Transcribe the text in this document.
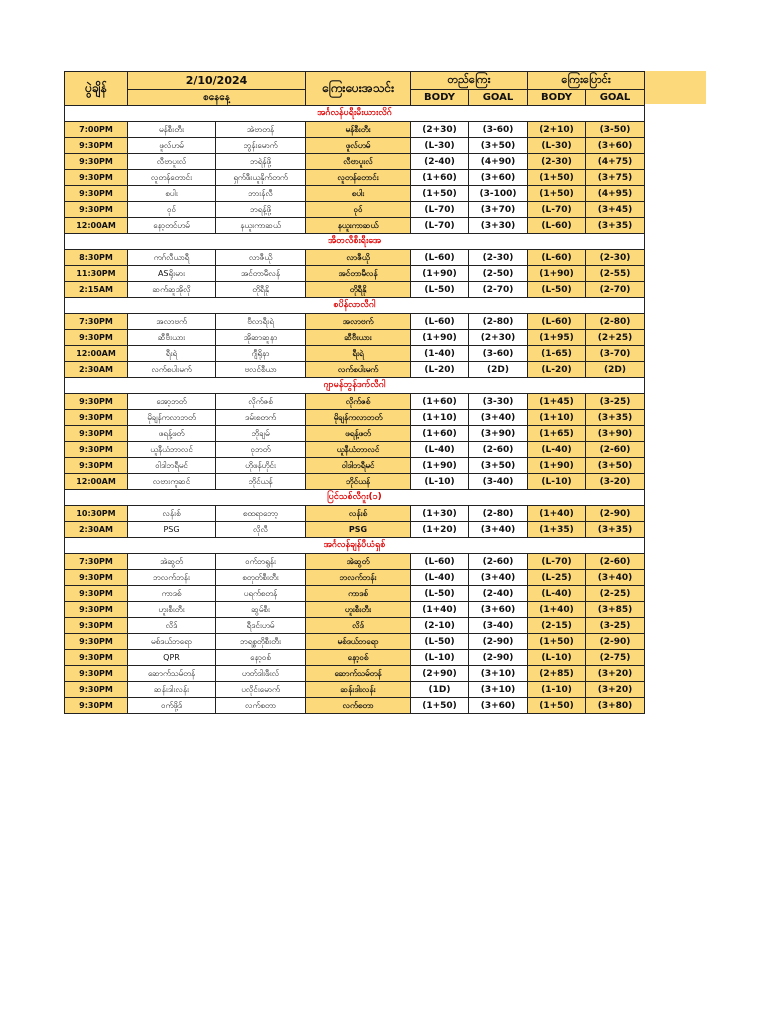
ပွဲချိန်	2/10/2024		ကြေးပေးအသင်း	တည်ကြေး		ကြေးပြောင်း	
	စနေနေ့			BODY	GOAL	BODY	GOAL
အင်္ဂလန်ပရီးမီးယားလိဂ်							
7:00PM	မန်စီးတီး	အဲဗာတန်	မန်စီးတီး	(2+30)	(3-60)	(2+10)	(3-50)
9:30PM	ဖူလ်ဟမ်	ဘွန်းမောက်	ဖူလ်ဟမ်	(L-30)	(3+50)	(L-30)	(3+60)
9:30PM	လီဗာပူးလ်	ဘရဲန်ဖို့	လီဗာပူးလ်	(2-40)	(4+90)	(2-30)	(4+75)
9:30PM	လူတန်တောင်း	ရှက်ဖီးယူနိုက်တက်	လူတန်တောင်း	(1+60)	(3+60)	(1+50)	(3+75)
9:30PM	စပါး	ဘားန်လီ	စပါး	(1+50)	(3-100)	(1+50)	(4+95)
9:30PM	ဝုဝ်	ဘရန့်ဖို့	ဝုဝ်	(L-70)	(3+70)	(L-70)	(3+45)
12:00AM	နော့တင်ဟမ်	နယူးကာဆယ်	နယူးကာဆယ်	(L-70)	(3+30)	(L-60)	(3+35)
အီတလီစီးရီးအေ							
8:30PM	ကဂ်လီယာရီ	လာဇီယို	လာဇီယို	(L-60)	(2-30)	(L-60)	(2-30)
11:30PM	ASရိုးမား	အင်တာမီလန်	အင်တာမီလန်	(1+90)	(2-50)	(1+90)	(2-55)
2:15AM	ဆက်ဆူအိုလို	တိုရီနို	တိုရီနို	(L-50)	(2-70)	(L-50)	(2-70)
စပိန်လာလီဂါ							
7:30PM	အလာဗက်	ဗီလာရီးရဲ	အလာဗက်	(L-60)	(2-80)	(L-60)	(2-80)
9:30PM	ဆီဗီးယား	အိုဆာဆူနာ	ဆီဗီးယား	(1+90)	(2+30)	(1+95)	(2+25)
12:00AM	ရီးရဲ	ဂျီရိုနာ	ရီးရဲ	(1-40)	(3-60)	(1-65)	(3-70)
2:30AM	လက်စပါးမက်	ဗလင်စီယာ	လက်စပါးမက်	(L-20)	(2D)	(L-20)	(2D)
ဂျာမန်ဘွန်ဒက်လီဂါ							
9:30PM	အော့ဘတ်	လိုက်ဇစ်	လိုက်ဇစ်	(1+60)	(3-30)	(1+45)	(3-25)
9:30PM	မိုချန်ကလာဘတ်	ဒမ်းစတက်	မိုချန်ကလာဘတ်	(1+10)	(3+40)	(1+10)	(3+35)
9:30PM	ဖရန့်ဖတ်	ဘိုချမ်	ဖရန့်ဖတ်	(1+60)	(3+90)	(1+65)	(3+90)
9:30PM	ယူနီယံဘာလင်	ဝုဘတ်	ယူနီယံဘာလင်	(L-40)	(2-60)	(L-40)	(2-60)
9:30PM	ဝါဒါဘရီမင်	ဟိုဖန်ဟိုင်း	ဝါဒါဘရီမင်	(1+90)	(3+50)	(1+90)	(3+50)
12:00AM	လဗားကူဆင်	ဘိုင်ယန်	ဘိုင်ယန်	(L-10)	(3-40)	(L-10)	(3-20)
ပြင်သစ်လီဂူး(၁)							
10:30PM	လန်းစ်	စထရာဘော့	လန်းစ်	(1+30)	(2-80)	(1+40)	(2-90)
2:30AM	PSG	လိုလီ	PSG	(1+20)	(3+40)	(1+35)	(3+35)
အင်္ဂလန်ချန်ပီယံရှစ်							
7:30PM	အဲဆွတ်	ဝက်ဘရွန်း	အဲဆွတ်	(L-60)	(2-60)	(L-70)	(2-60)
9:30PM	ဘလက်ဘန်း	စတုတ်စီးတီး	ဘလက်ဘန်း	(L-40)	(3+40)	(L-25)	(3+40)
9:30PM	ကာဒစ်	ပရက်စတန်	ကာဒစ်	(L-50)	(2-40)	(L-40)	(2-25)
9:30PM	ဟူးစီးတီး	ဆွမ်စီး	ဟူးစီးတီး	(1+40)	(3+60)	(1+40)	(3+85)
9:30PM	လိဒ်	ရီဒင်းဟမ်	လိဒ်	(2-10)	(3-40)	(2-15)	(3-25)
9:30PM	မစ်ဒယ်ဘရော	ဘရစ္စတိုစီးတီး	မစ်ဒယ်ဘရော	(L-50)	(2-90)	(1+50)	(2-90)
9:30PM	QPR	နော့ဝစ်	နော့ဝစ်	(L-10)	(2-90)	(L-10)	(2-75)
9:30PM	ဆောက်သမ်တန်	ဟတ်ဒါးဖီးလ်	ဆောက်သမ်တန်	(2+90)	(3+10)	(2+85)	(3+20)
9:30PM	ဆန်းဒါးလန်း	ပလိုင်းမောက်	ဆန်းဒါးလန်း	(1D)	(3+10)	(1-10)	(3+20)
9:30PM	ဝက်ဖို့ဒ်	လက်စတာ	လက်စတာ	(1+50)	(3+60)	(1+50)	(3+80)
